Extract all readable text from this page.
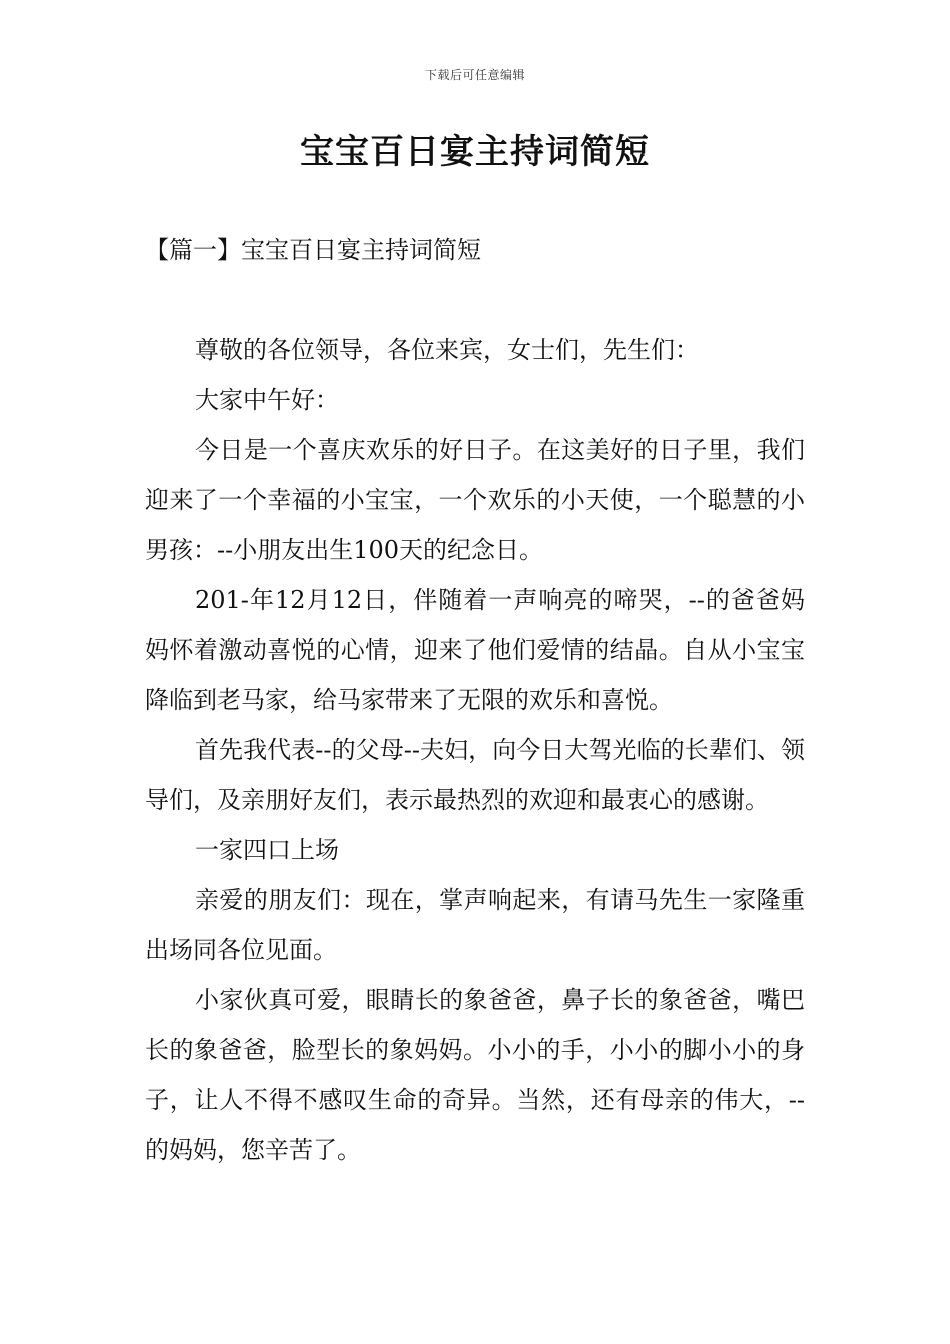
下载后可任意编辑
宝宝百日宴主持词简短
【篇一】宝宝百日宴主持词简短

尊敬的各位领导，各位来宾，女士们，先生们：

大家中午好：

今日是一个喜庆欢乐的好日子。在这美好的日子里，我们迎来了一个幸福的小宝宝，一个欢乐的小天使，一个聪慧的小男孩：--小朋友出生100天的纪念日。

201-年12月12日，伴随着一声响亮的啼哭，--的爸爸妈妈怀着激动喜悦的心情，迎来了他们爱情的结晶。自从小宝宝降临到老马家，给马家带来了无限的欢乐和喜悦。

首先我代表--的父母--夫妇，向今日大驾光临的长辈们、领导们，及亲朋好友们，表示最热烈的欢迎和最衷心的感谢。

一家四口上场

亲爱的朋友们：现在，掌声响起来，有请马先生一家隆重出场同各位见面。

小家伙真可爱，眼睛长的象爸爸，鼻子长的象爸爸，嘴巴长的象爸爸，脸型长的象妈妈。小小的手，小小的脚小小的身子，让人不得不感叹生命的奇异。当然，还有母亲的伟大，--的妈妈，您辛苦了。
